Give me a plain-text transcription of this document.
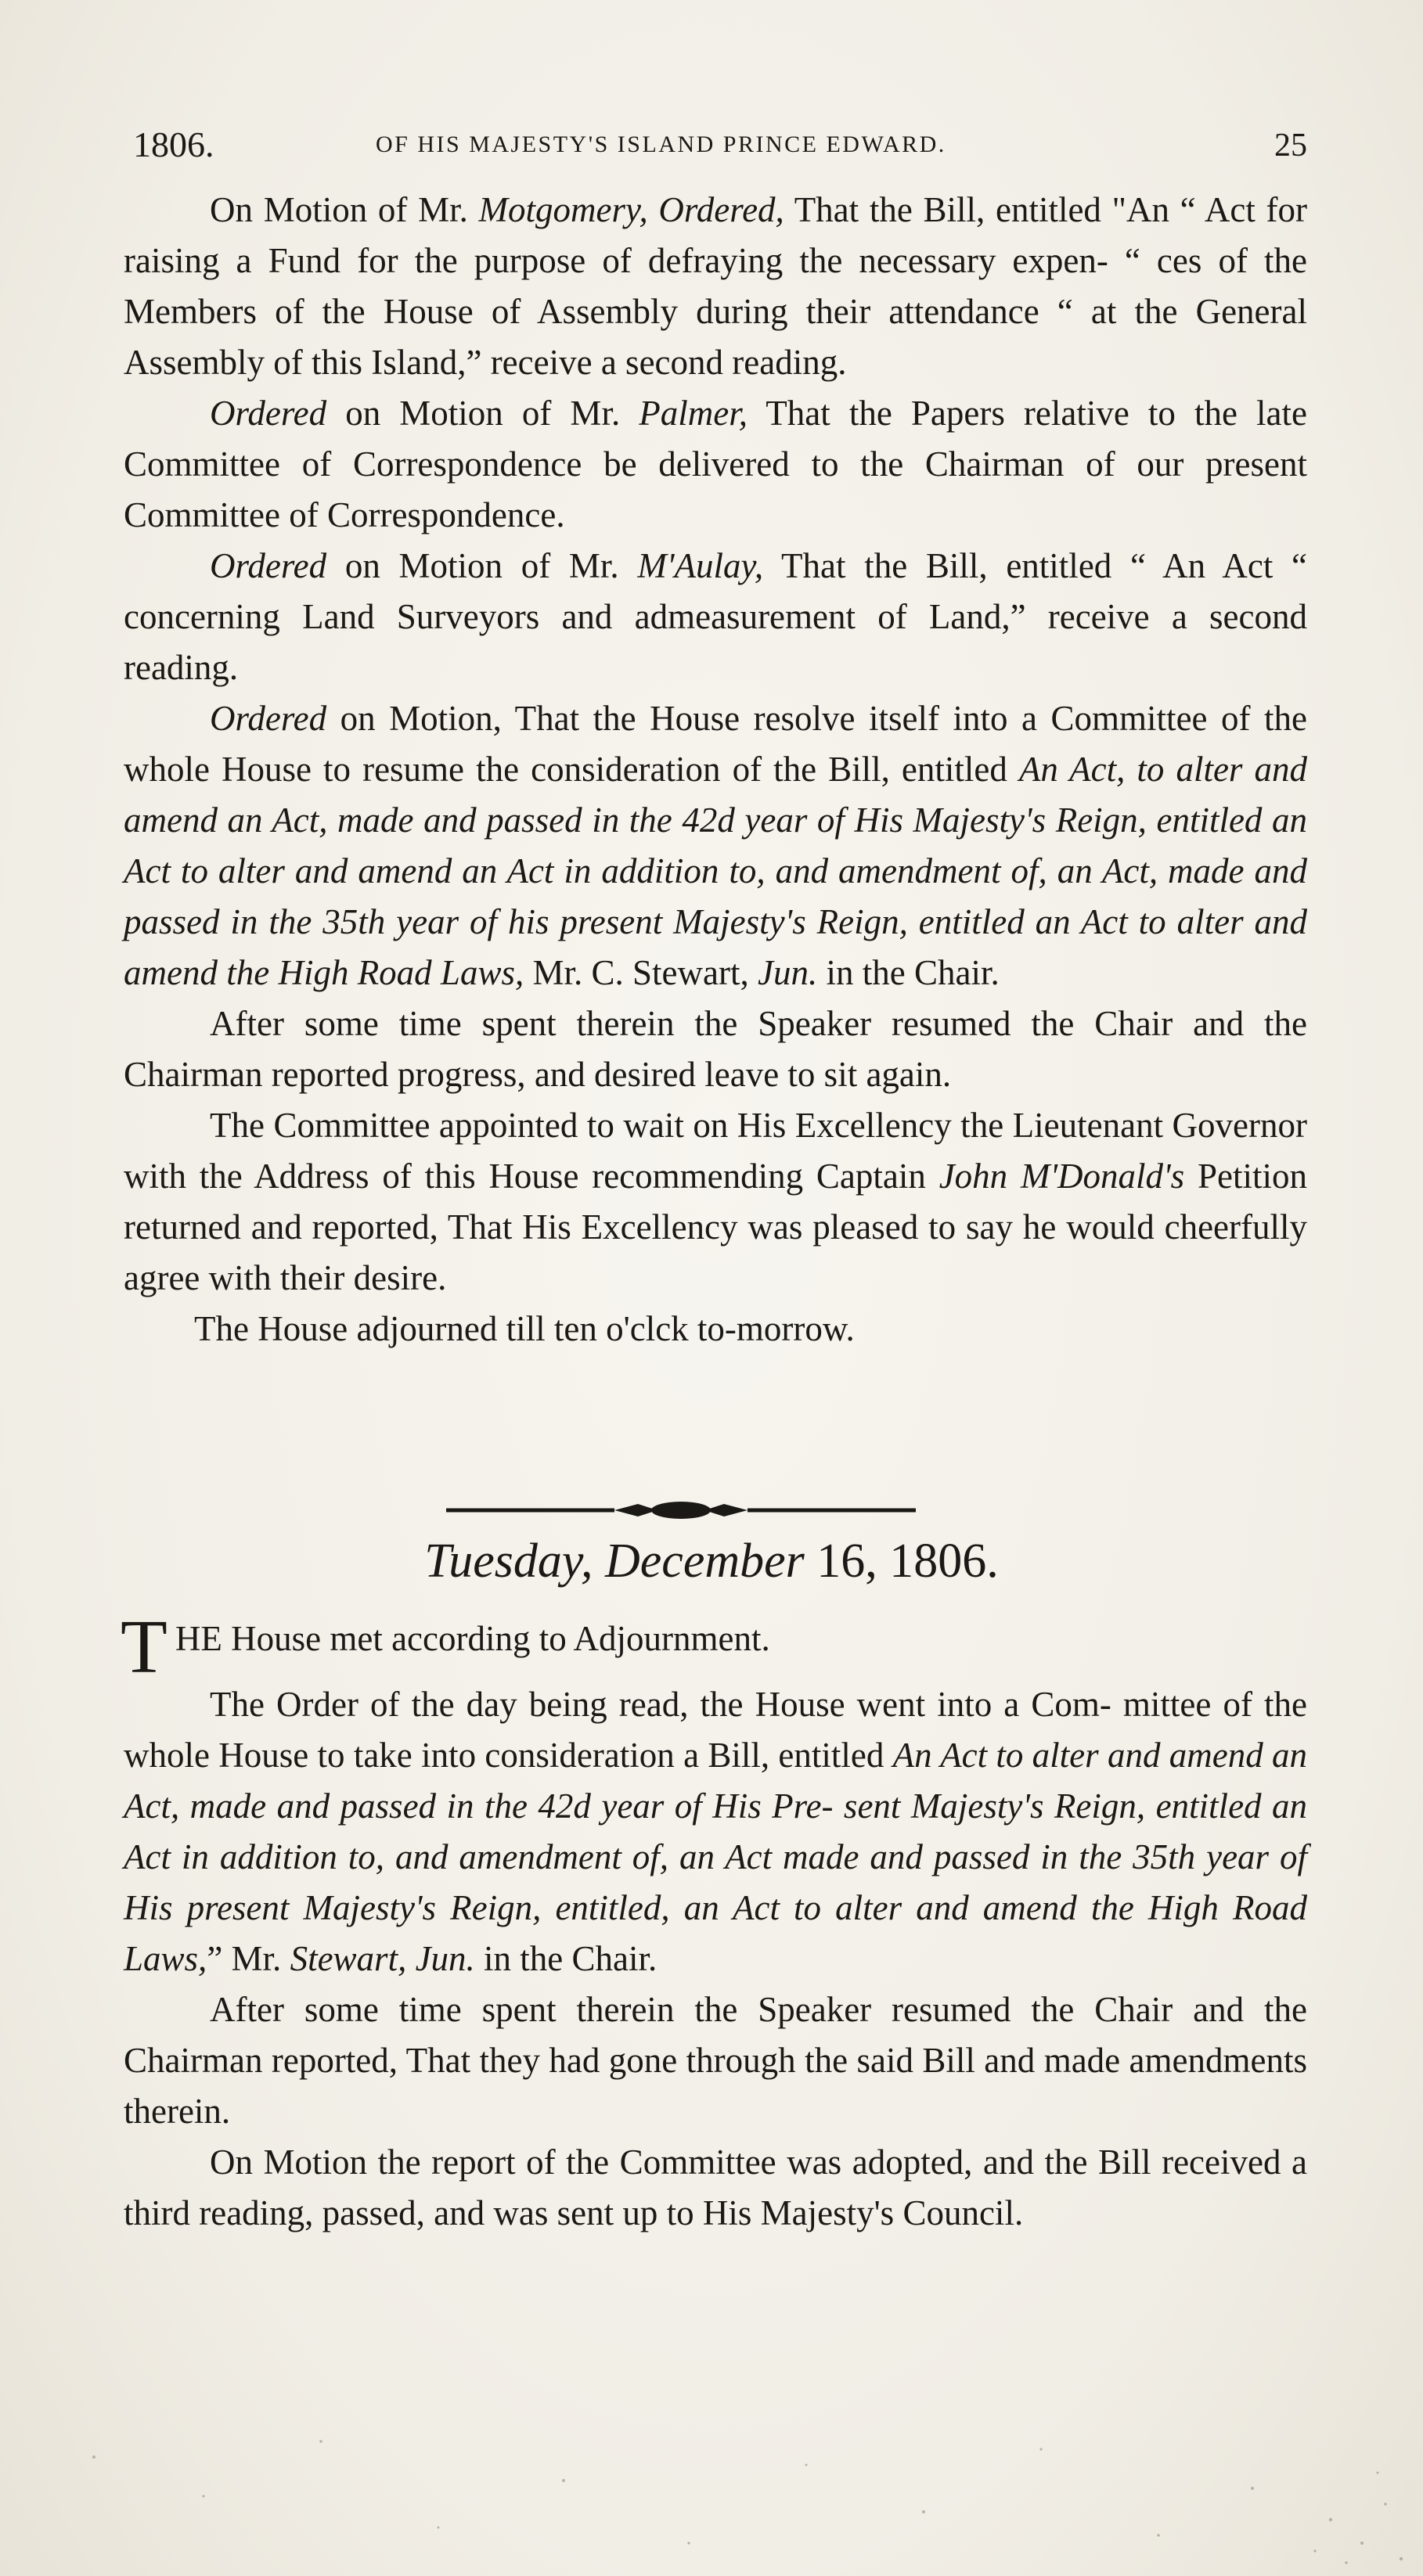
1806.	OF HIS MAJESTY'S ISLAND PRINCE EDWARD.	25

On Motion of Mr. Motgomery, Ordered, That the Bill, entitled "An “ Act for raising a Fund for the purpose of defraying the necessary expen- “ ces of the Members of the House of Assembly during their attendance “ at the General Assembly of this Island,” receive a second reading.

Ordered on Motion of Mr. Palmer, That the Papers relative to the late Committee of Correspondence be delivered to the Chairman of our present Committee of Correspondence.

Ordered on Motion of Mr. M'Aulay, That the Bill, entitled “ An Act “ concerning Land Surveyors and admeasurement of Land,” receive a second reading.

Ordered on Motion, That the House resolve itself into a Committee of the whole House to resume the consideration of the Bill, entitled An Act, to alter and amend an Act, made and passed in the 42d year of His Majesty's Reign, entitled an Act to alter and amend an Act in addition to, and amendment of, an Act, made and passed in the 35th year of his present Majesty's Reign, entitled an Act to alter and amend the High Road Laws, Mr. C. Stewart, Jun. in the Chair.

After some time spent therein the Speaker resumed the Chair and the Chairman reported progress, and desired leave to sit again.

The Committee appointed to wait on His Excellency the Lieutenant Governor with the Address of this House recommending Captain John M'Donald's Petition returned and reported, That His Excellency was pleased to say he would cheerfully agree with their desire.

The House adjourned till ten o'clck to-morrow.

Tuesday, December 16, 1806.

THE House met according to Adjournment.

The Order of the day being read, the House went into a Com- mittee of the whole House to take into consideration a Bill, entitled An Act to alter and amend an Act, made and passed in the 42d year of His Pre- sent Majesty's Reign, entitled an Act in addition to, and amendment of, an Act made and passed in the 35th year of His present Majesty's Reign, entitled, an Act to alter and amend the High Road Laws,” Mr. Stewart, Jun. in the Chair.

After some time spent therein the Speaker resumed the Chair and the Chairman reported, That they had gone through the said Bill and made amendments therein.

On Motion the report of the Committee was adopted, and the Bill received a third reading, passed, and was sent up to His Majesty's Council.
